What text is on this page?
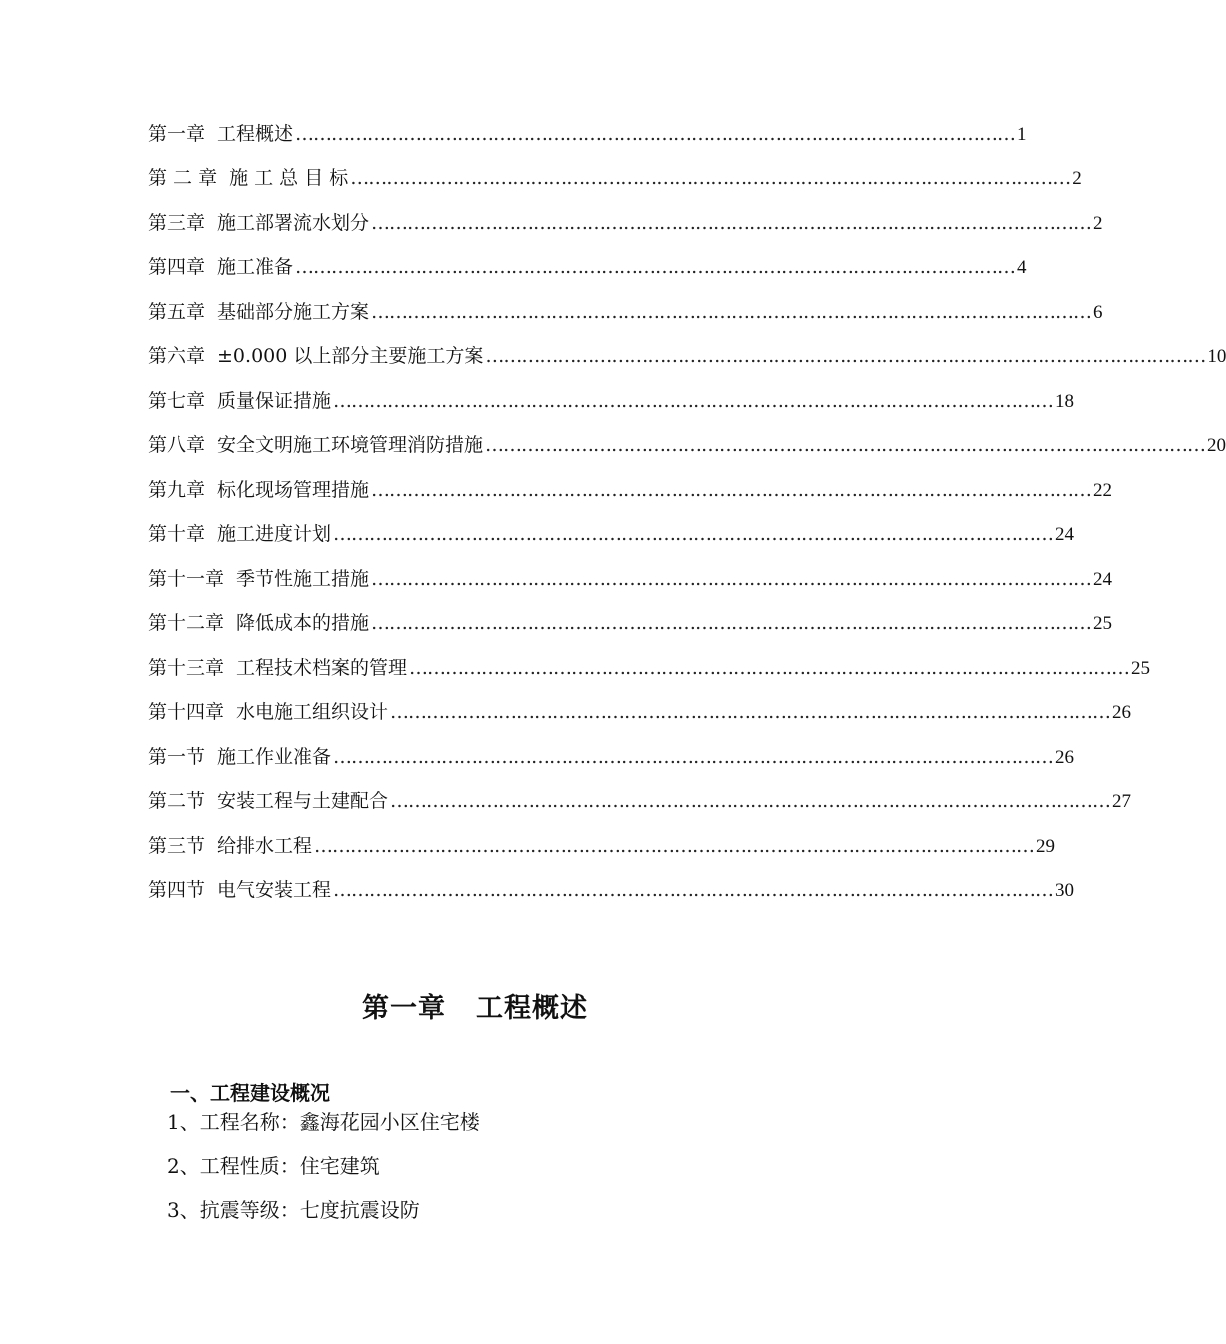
第一章 工程概述 ………………………………………………………………………………………………………… 1
第 二 章 施 工 总 目 标 ………………………………………………………………………………………………………… 2
第三章 施工部署流水划分 ………………………………………………………………………………………………………… 2
第四章 施工准备 ………………………………………………………………………………………………………… 4
第五章 基础部分施工方案 ………………………………………………………………………………………………………… 6
第六章 ±0.000 以上部分主要施工方案 ………………………………………………………………………………………………………… 10
第七章 质量保证措施 ………………………………………………………………………………………………………… 18
第八章 安全文明施工环境管理消防措施 ………………………………………………………………………………………………………… 20
第九章 标化现场管理措施 ………………………………………………………………………………………………………… 22
第十章 施工进度计划 ………………………………………………………………………………………………………… 24
第十一章 季节性施工措施 ………………………………………………………………………………………………………… 24
第十二章 降低成本的措施 ………………………………………………………………………………………………………… 25
第十三章 工程技术档案的管理 ………………………………………………………………………………………………………… 25
第十四章 水电施工组织设计 ………………………………………………………………………………………………………… 26
第一节 施工作业准备 ………………………………………………………………………………………………………… 26
第二节 安装工程与土建配合 ………………………………………………………………………………………………………… 27
第三节 给排水工程 ………………………………………………………………………………………………………… 29
第四节 电气安装工程 ………………………………………………………………………………………………………… 30
第一章 工程概述
一、工程建设概况
1、工程名称：鑫海花园小区住宅楼
2、工程性质：住宅建筑
3、抗震等级：七度抗震设防
